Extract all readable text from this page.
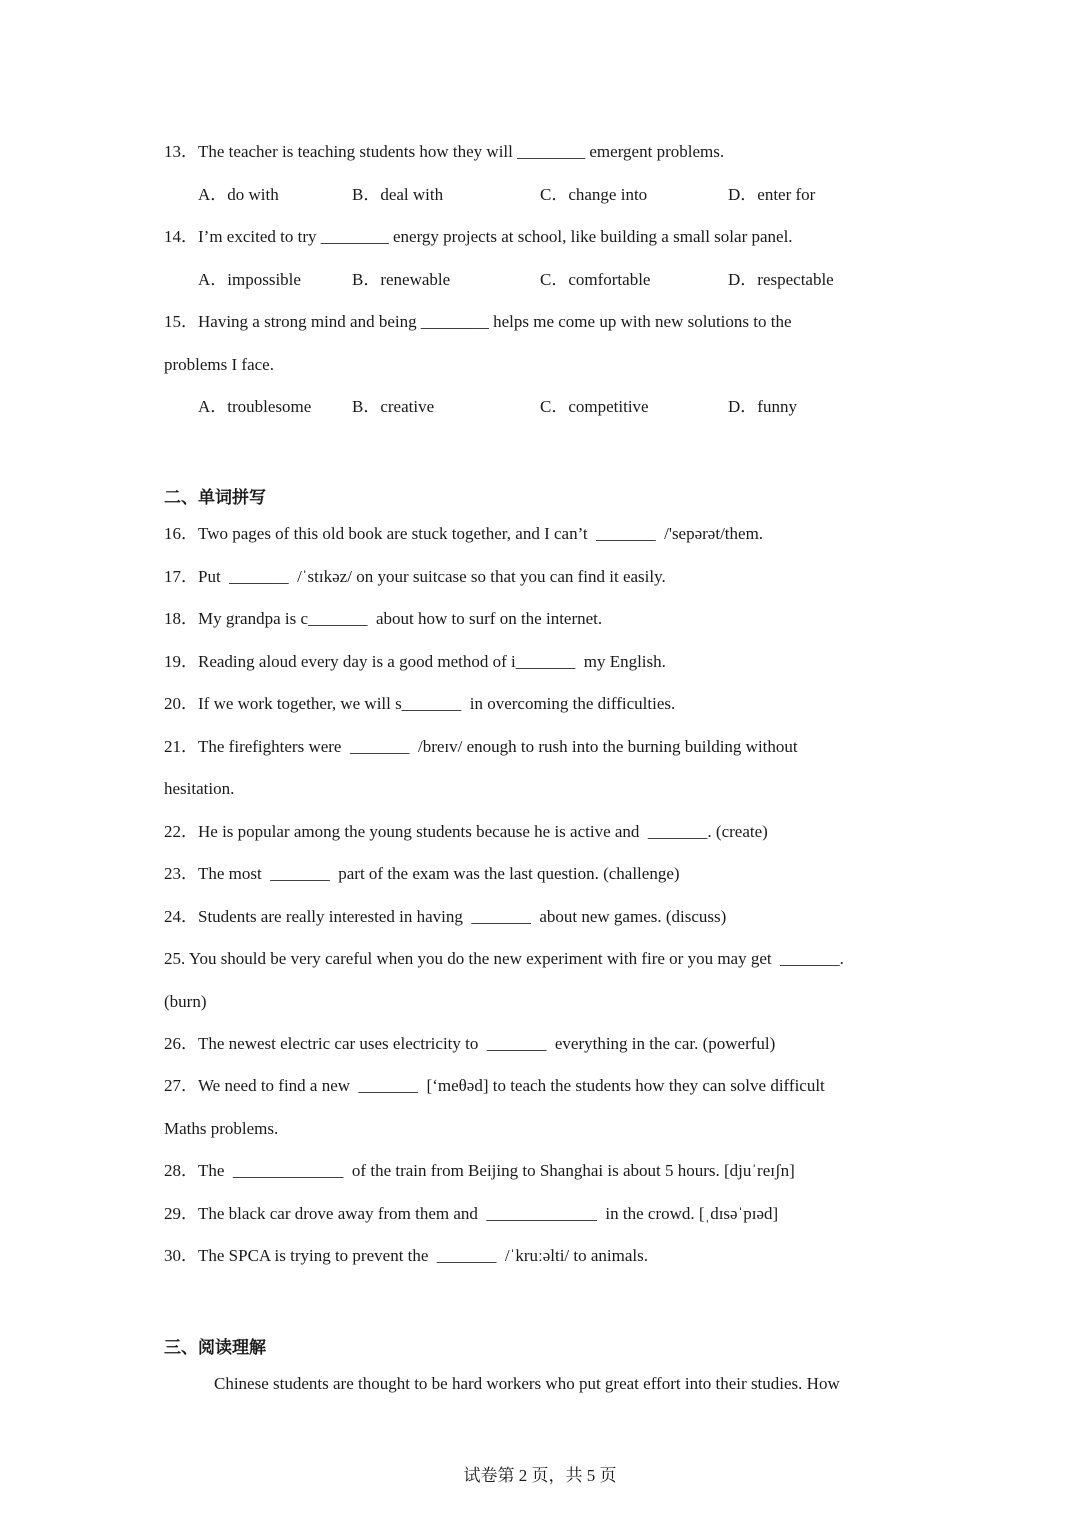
13．The teacher is teaching students how they will ________ emergent problems.
A．do with	B．deal with	C．change into	D．enter for
14．I’m excited to try ________ energy projects at school, like building a small solar panel.
A．impossible	B．renewable	C．comfortable	D．respectable
15．Having a strong mind and being ________ helps me come up with new solutions to the
problems I face.
A．troublesome B．creative	C．competitive	D．funny
二、单词拼写
16．Two pages of this old book are stuck together, and I can’t  _______  /'sepərət/them.
17．Put  _______  /ˈstɪkəz/ on your suitcase so that you can find it easily.
18．My grandpa is c_______  about how to surf on the internet.
19．Reading aloud every day is a good method of i_______  my English.
20．If we work together, we will s_______  in overcoming the difficulties.
21．The firefighters were  _______  /breɪv/ enough to rush into the burning building without
hesitation.
22．He is popular among the young students because he is active and  _______. (create)
23．The most  _______  part of the exam was the last question. (challenge)
24．Students are really interested in having  _______  about new games. (discuss)
25. You should be very careful when you do the new experiment with fire or you may get  _______.
(burn)
26．The newest electric car uses electricity to  _______  everything in the car. (powerful)
27．We need to find a new  _______  [‘meθəd] to teach the students how they can solve difficult
Maths problems.
28．The  _____________  of the train from Beijing to Shanghai is about 5 hours. [djuˈreɪʃn]
29．The black car drove away from them and  _____________  in the crowd. [ˌdɪsəˈpɪəd]
30．The SPCA is trying to prevent the  _______  /ˈkruːəlti/ to animals.
三、阅读理解
Chinese students are thought to be hard workers who put great effort into their studies. How
试卷第 2 页，共 5 页
